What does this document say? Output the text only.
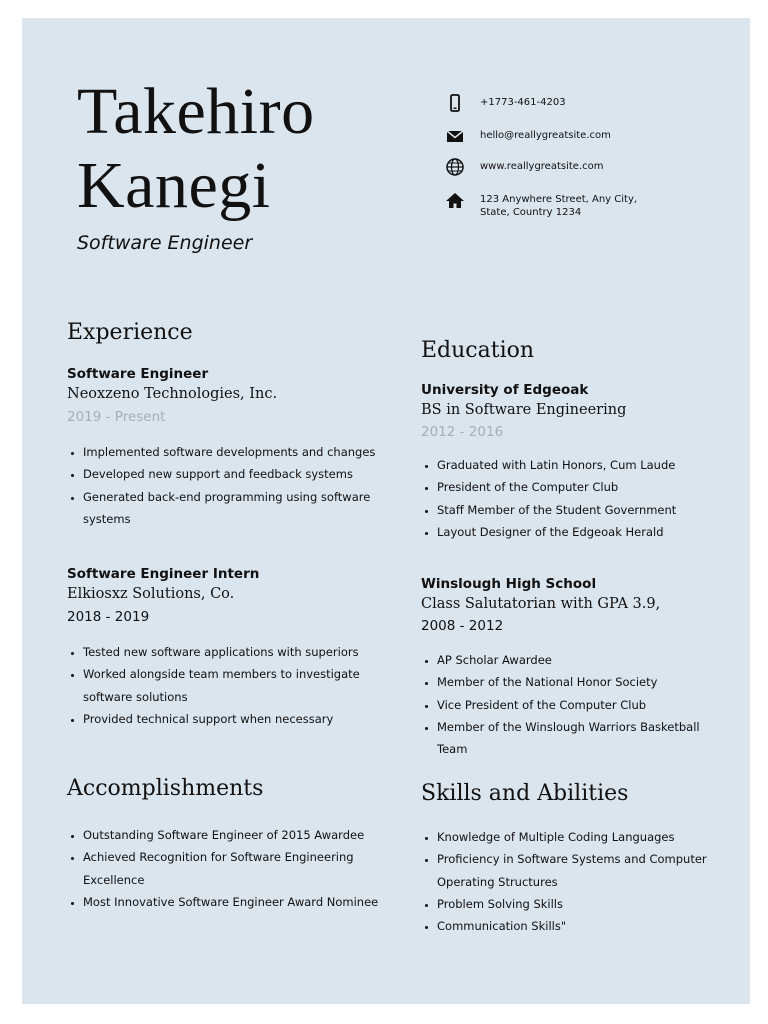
Takehiro
Kanegi
Software Engineer
+1773-461-4203
hello@reallygreatsite.com
www.reallygreatsite.com
123 Anywhere Street, Any City,
State, Country 1234
Experience
Software Engineer
Neoxzeno Technologies, Inc.
2019 - Present
• Implemented software developments and changes
• Developed new support and feedback systems
• Generated back-end programming using software systems
Software Engineer Intern
Elkiosxz Solutions, Co.
2018 - 2019
• Tested new software applications with superiors
• Worked alongside team members to investigate software solutions
• Provided technical support when necessary
Accomplishments
• Outstanding Software Engineer of 2015 Awardee
• Achieved Recognition for Software Engineering Excellence
• Most Innovative Software Engineer Award Nominee
Education
University of Edgeoak
BS in Software Engineering
2012 - 2016
• Graduated with Latin Honors, Cum Laude
• President of the Computer Club
• Staff Member of the Student Government
• Layout Designer of the Edgeoak Herald
Winslough High School
Class Salutatorian with GPA 3.9,
2008 - 2012
• AP Scholar Awardee
• Member of the National Honor Society
• Vice President of the Computer Club
• Member of the Winslough Warriors Basketball Team
Skills and Abilities
• Knowledge of Multiple Coding Languages
• Proficiency in Software Systems and Computer Operating Structures
• Problem Solving Skills
• Communication Skills"
